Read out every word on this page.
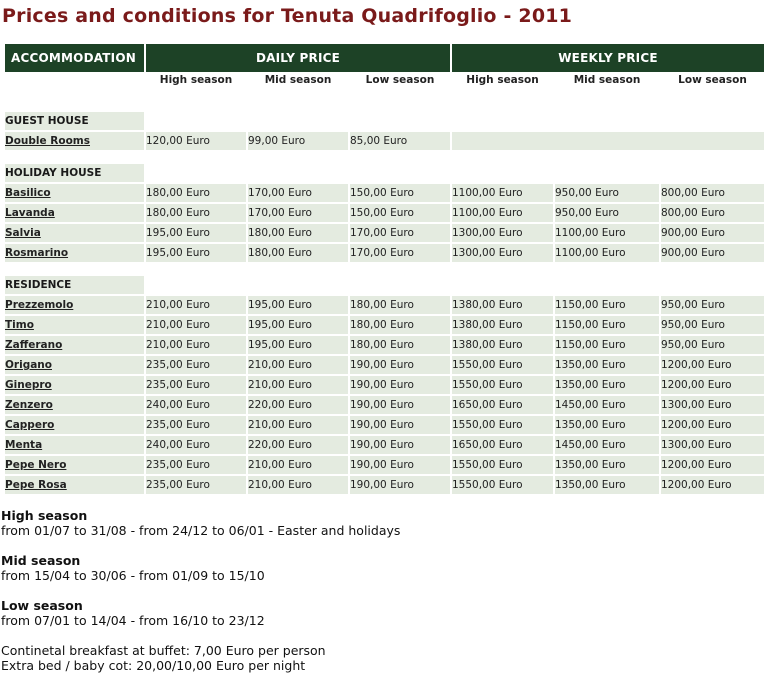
Prices and conditions for Tenuta Quadrifoglio - 2011
ACCOMMODATION	DAILY PRICE			WEEKLY PRICE		
	High season	Mid season	Low season	High season	Mid season	Low season

GUEST HOUSE						
Double Rooms	120,00 Euro	99,00 Euro	85,00 Euro			

HOLIDAY HOUSE						
Basilico	180,00 Euro	170,00 Euro	150,00 Euro	1100,00 Euro	950,00 Euro	800,00 Euro
Lavanda	180,00 Euro	170,00 Euro	150,00 Euro	1100,00 Euro	950,00 Euro	800,00 Euro
Salvia	195,00 Euro	180,00 Euro	170,00 Euro	1300,00 Euro	1100,00 Euro	900,00 Euro
Rosmarino	195,00 Euro	180,00 Euro	170,00 Euro	1300,00 Euro	1100,00 Euro	900,00 Euro

RESIDENCE						
Prezzemolo	210,00 Euro	195,00 Euro	180,00 Euro	1380,00 Euro	1150,00 Euro	950,00 Euro
Timo	210,00 Euro	195,00 Euro	180,00 Euro	1380,00 Euro	1150,00 Euro	950,00 Euro
Zafferano	210,00 Euro	195,00 Euro	180,00 Euro	1380,00 Euro	1150,00 Euro	950,00 Euro
Origano	235,00 Euro	210,00 Euro	190,00 Euro	1550,00 Euro	1350,00 Euro	1200,00 Euro
Ginepro	235,00 Euro	210,00 Euro	190,00 Euro	1550,00 Euro	1350,00 Euro	1200,00 Euro
Zenzero	240,00 Euro	220,00 Euro	190,00 Euro	1650,00 Euro	1450,00 Euro	1300,00 Euro
Cappero	235,00 Euro	210,00 Euro	190,00 Euro	1550,00 Euro	1350,00 Euro	1200,00 Euro
Menta	240,00 Euro	220,00 Euro	190,00 Euro	1650,00 Euro	1450,00 Euro	1300,00 Euro
Pepe Nero	235,00 Euro	210,00 Euro	190,00 Euro	1550,00 Euro	1350,00 Euro	1200,00 Euro
Pepe Rosa	235,00 Euro	210,00 Euro	190,00 Euro	1550,00 Euro	1350,00 Euro	1200,00 Euro
High season
from 01/07 to 31/08 - from 24/12 to 06/01 - Easter and holidays
Mid season
from 15/04 to 30/06 - from 01/09 to 15/10
Low season
from 07/01 to 14/04 - from 16/10 to 23/12
Continetal breakfast at buffet: 7,00 Euro per person
Extra bed / baby cot: 20,00/10,00 Euro per night
